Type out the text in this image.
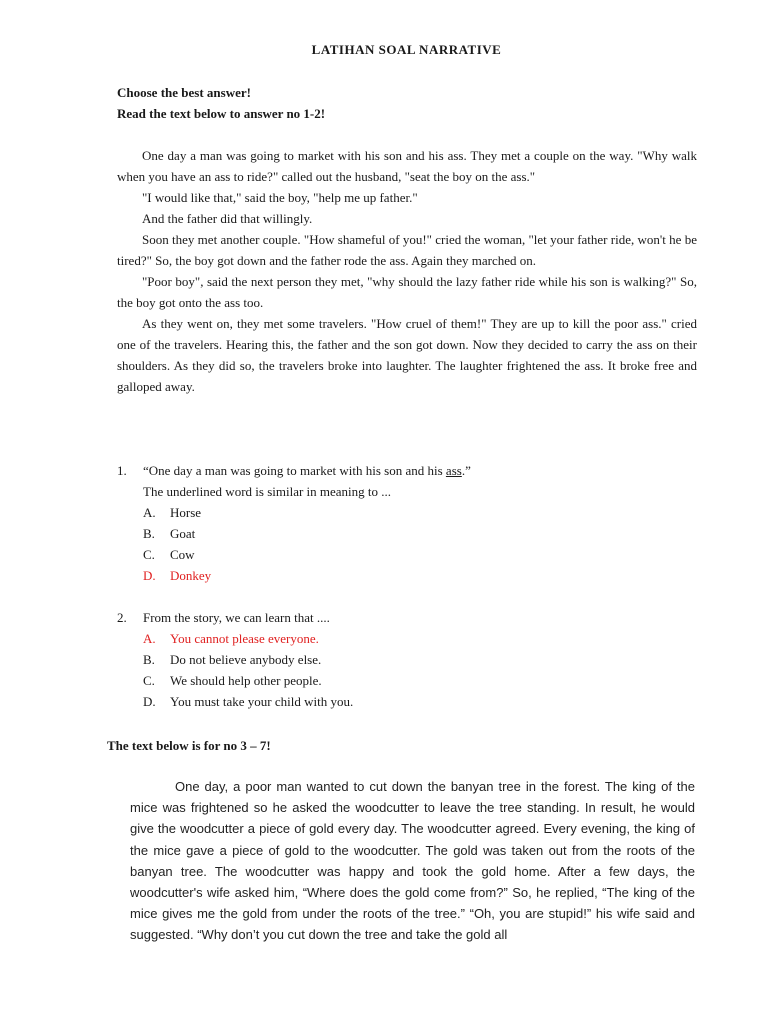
LATIHAN SOAL NARRATIVE
Choose the best answer!
Read the text below to answer no 1-2!

One day a man was going to market with his son and his ass. They met a couple on the way. "Why walk when you have an ass to ride?" called out the husband, "seat the boy on the ass."

"I would like that," said the boy, "help me up father."

And the father did that willingly.

Soon they met another couple. "How shameful of you!" cried the woman, "let your father ride, won't he be tired?" So, the boy got down and the father rode the ass. Again they marched on.

"Poor boy", said the next person they met, "why should the lazy father ride while his son is walking?" So, the boy got onto the ass too.

As they went on, they met some travelers. "How cruel of them!" They are up to kill the poor ass." cried one of the travelers. Hearing this, the father and the son got down. Now they decided to carry the ass on their shoulders. As they did so, the travelers broke into laughter. The laughter frightened the ass. It broke free and galloped away.

1. “One day a man was going to market with his son and his ass.”
The underlined word is similar in meaning to ...
A. Horse
B. Goat
C. Cow
D. Donkey
2. From the story, we can learn that ....
A. You cannot please everyone.
B. Do not believe anybody else.
C. We should help other people.
D. You must take your child with you.
The text below is for no 3 – 7!

One day, a poor man wanted to cut down the banyan tree in the forest. The king of the mice was frightened so he asked the woodcutter to leave the tree standing. In result, he would give the woodcutter a piece of gold every day. The woodcutter agreed. Every evening, the king of the mice gave a piece of gold to the woodcutter. The gold was taken out from the roots of the banyan tree. The woodcutter was happy and took the gold home. After a few days, the woodcutter's wife asked him, “Where does the gold come from?” So, he replied, “The king of the mice gives me the gold from under the roots of the tree.” “Oh, you are stupid!” his wife said and suggested. “Why don’t you cut down the tree and take the gold all
